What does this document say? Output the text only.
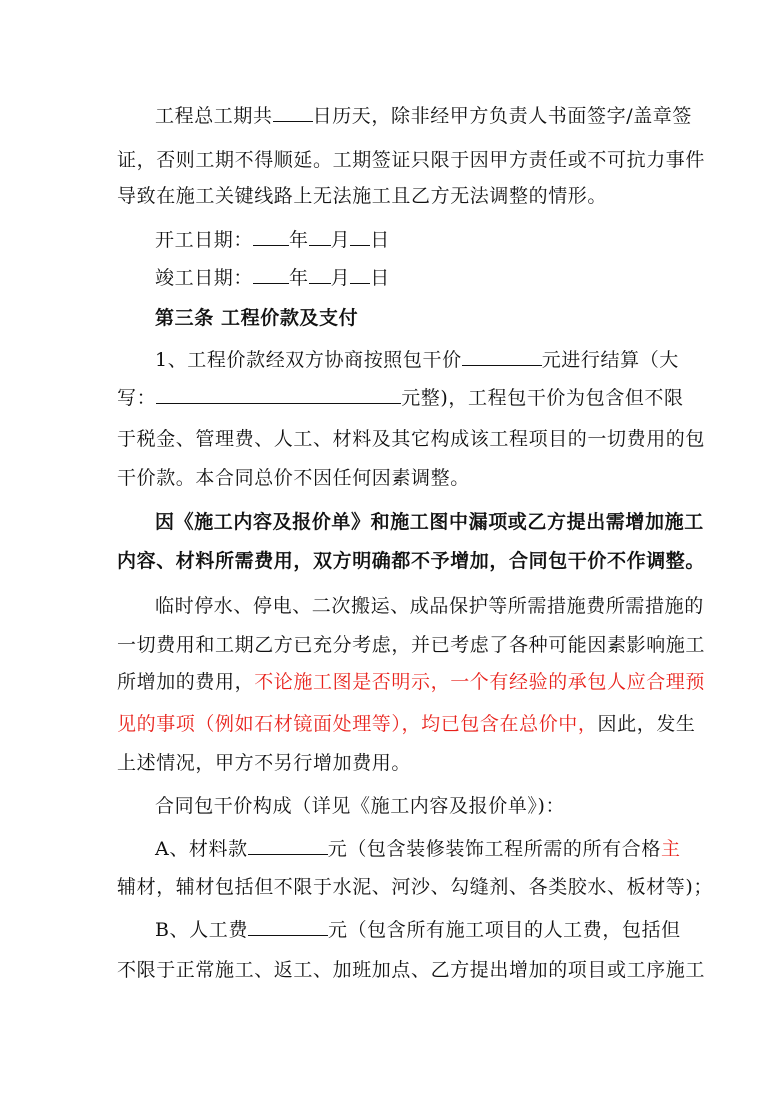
工程总工期共 日历天，除非经甲方负责人书面签字/盖章签
证，否则工期不得顺延。工期签证只限于因甲方责任或不可抗力事件
导致在施工关键线路上无法施工且乙方无法调整的情形。
开工日期： 年 月 日
竣工日期： 年 月 日
第三条 工程价款及支付
1、工程价款经双方协商按照包干价	元进行结算（大
写：	元整)，工程包干价为包含但不限
于税金、管理费、人工、材料及其它构成该工程项目的一切费用的包
干价款。本合同总价不因任何因素调整。
因《施工内容及报价单》和施工图中漏项或乙方提出需增加施工
内容、材料所需费用，双方明确都不予增加，合同包干价不作调整。
临时停水、停电、二次搬运、成品保护等所需措施费所需措施的
一切费用和工期乙方已充分考虑，并已考虑了各种可能因素影响施工
所增加的费用，不论施工图是否明示，一个有经验的承包人应合理预
见的事项（例如石材镜面处理等），均已包含在总价中，因此，发生
上述情况，甲方不另行增加费用。
合同包干价构成（详见《施工内容及报价单》)：
A、材料款	元（包含装修装饰工程所需的所有合格主
辅材，辅材包括但不限于水泥、河沙、勾缝剂、各类胶水、板材等)；
B、人工费	元（包含所有施工项目的人工费，包括但
不限于正常施工、返工、加班加点、乙方提出增加的项目或工序施工
